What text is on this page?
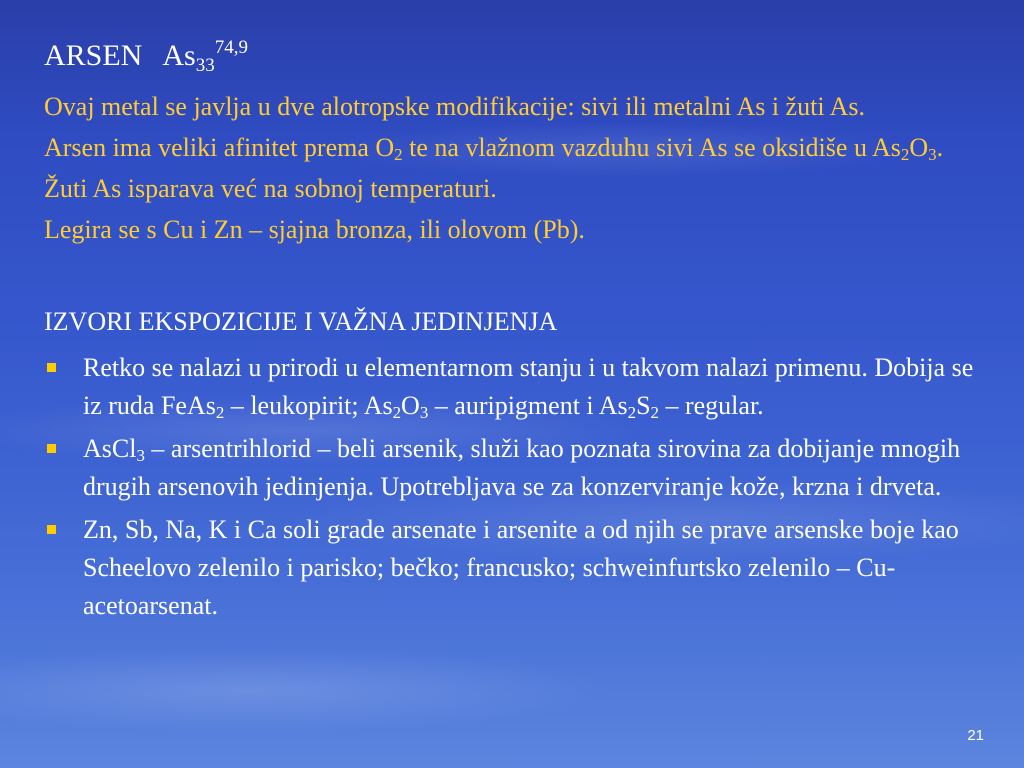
ARSEN $As_{33}^{74,9}$

Ovaj metal se javlja u dve alotropske modifikacije: sivi ili metalni As i žuti As.

Arsen ima veliki afinitet prema $O_2$ te na vlažnom vazduhu sivi As se oksidiše u $As_2O_3$. Žuti As isparava već na sobnoj temperaturi.

Legira se s Cu i Zn – sjajna bronza, ili olovom (Pb).

IZVORI EKSPOZICIJE I VAŽNA JEDINJENJA
Retko se nalazi u prirodi u elementarnom stanju i u takvom nalazi primenu. Dobija se iz ruda FeAs$_2$ – leukopirit; $As_2O_3$ – auripigment i $As_2S_2$ – regular.
AsCl$_3$ – arsentrihlorid – beli arsenik, služi kao poznata sirovina za dobijanje mnogih drugih arsenovih jedinjenja. Upotrebljava se za konzerviranje kože, krzna i drveta.
Zn, Sb, Na, K i Ca soli grade arsenate i arsenite a od njih se prave arsenske boje kao Scheelovo zelenilo i parisko; bečko; francusko; schweinfurtsko zelenilo – Cu-acetoarsenat.
21
